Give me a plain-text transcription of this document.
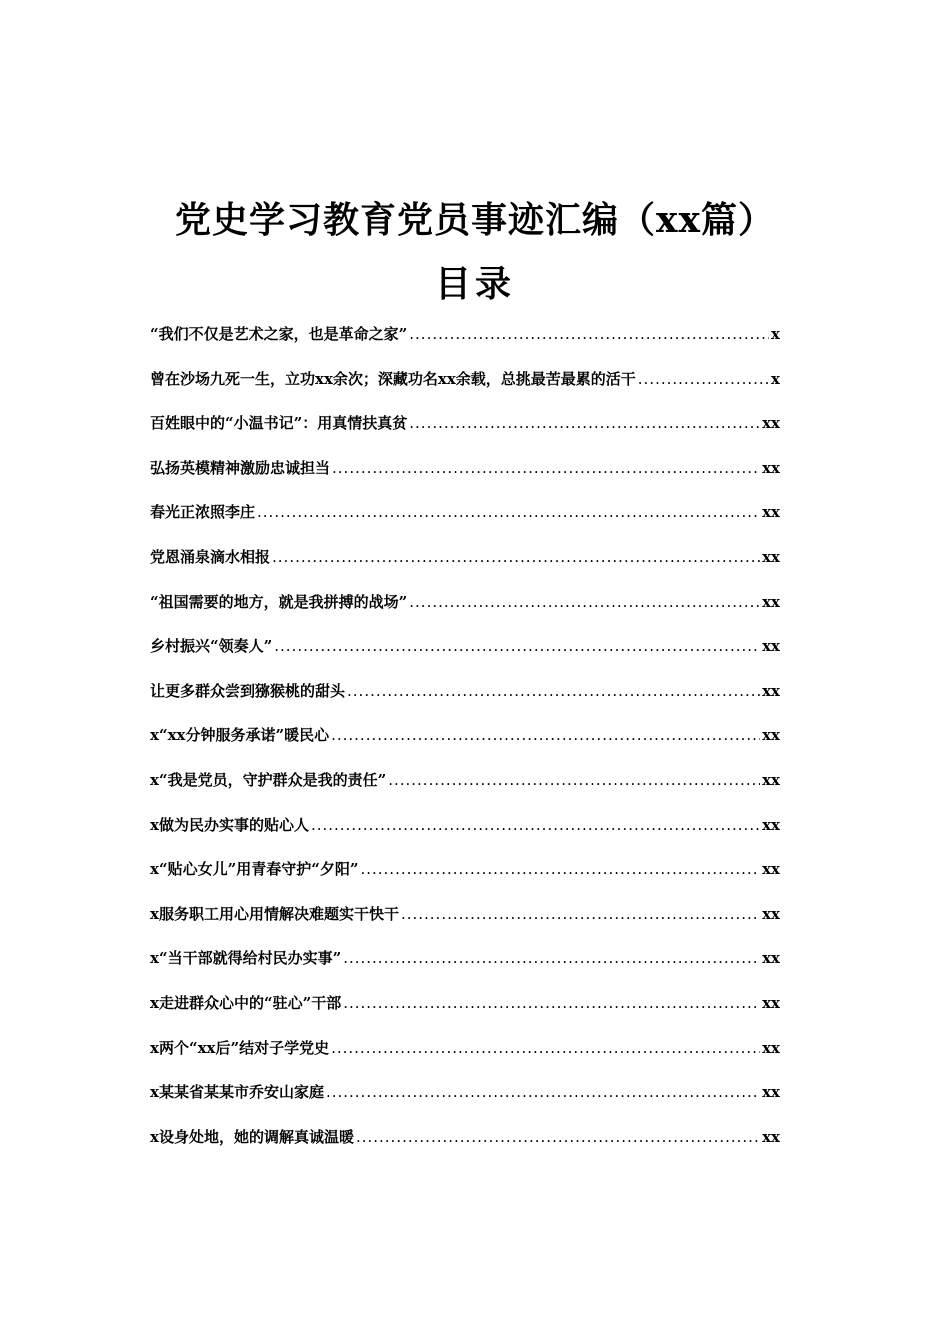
党史学习教育党员事迹汇编（xx篇）
目录
“我们不仅是艺术之家，也是革命之家” .....	x
曾在沙场九死一生，立功xx余次；深藏功名xx余载，总挑最苦最累的活干 .....	x
百姓眼中的“小温书记”：用真情扶真贫 .....	xx
弘扬英模精神激励忠诚担当 .....	xx
春光正浓照李庄 .....	xx
党恩涌泉滴水相报 .....	xx
“祖国需要的地方，就是我拼搏的战场” .....	xx
乡村振兴“领奏人” .....	xx
让更多群众尝到猕猴桃的甜头 .....	xx
x“xx分钟服务承诺”暖民心 .....	xx
x“我是党员，守护群众是我的责任” .....	xx
x做为民办实事的贴心人 .....	xx
x“贴心女儿”用青春守护“夕阳” .....	xx
x服务职工用心用情解决难题实干快干 .....	xx
x“当干部就得给村民办实事” .....	xx
x走进群众心中的“驻心”干部 .....	xx
x两个“xx后”结对子学党史 .....	xx
x某某省某某市乔安山家庭 .....	xx
x设身处地，她的调解真诚温暖 .....	xx
